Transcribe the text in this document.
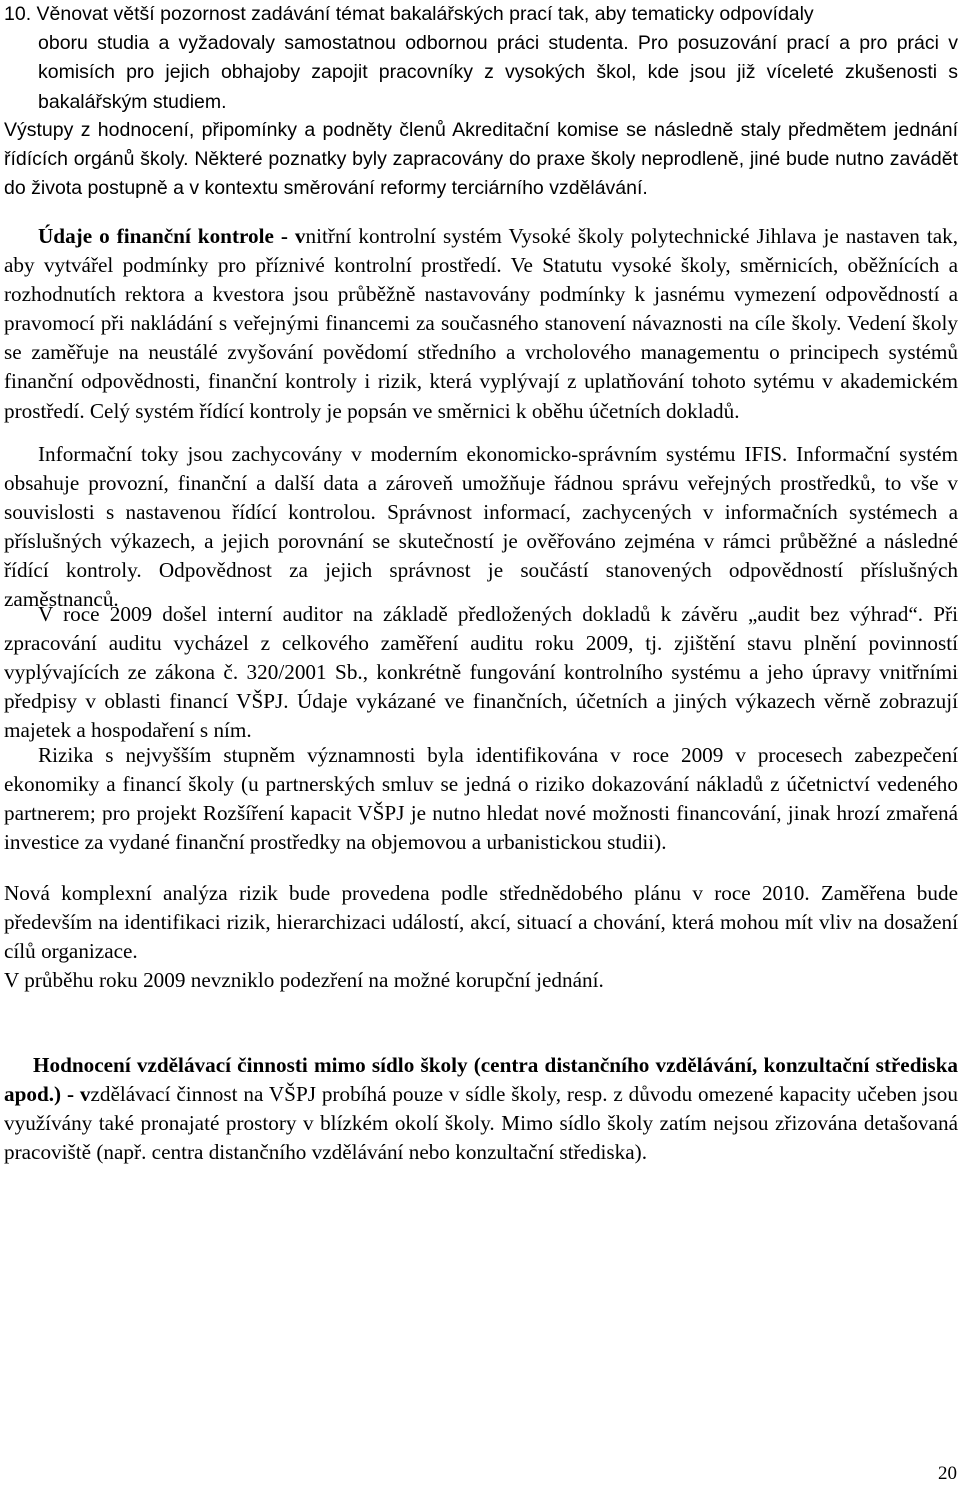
10. Věnovat větší pozornost zadávání témat bakalářských prací tak, aby tematicky odpovídaly
oboru studia a vyžadovaly samostatnou odbornou práci studenta. Pro posuzování prací a pro práci v komisích pro jejich obhajoby zapojit pracovníky z vysokých škol, kde jsou již víceleté zkušenosti s bakalářským studiem.

Výstupy z hodnocení, připomínky a podněty členů Akreditační komise se následně staly předmětem jednání řídících orgánů školy. Některé poznatky byly zapracovány do praxe školy neprodleně, jiné bude nutno zavádět do života postupně a v kontextu směrování reformy terciárního vzdělávání.

Údaje o finanční kontrole - vnitřní kontrolní systém Vysoké školy polytechnické Jihlava je nastaven tak, aby vytvářel podmínky pro příznivé kontrolní prostředí. Ve Statutu vysoké školy, směrnicích, oběžnících a rozhodnutích rektora a kvestora jsou průběžně nastavovány podmínky k jasnému vymezení odpovědností a pravomocí při nakládání s veřejnými financemi za současného stanovení návaznosti na cíle školy. Vedení školy se zaměřuje na neustálé zvyšování povědomí středního a vrcholového managementu o principech systémů finanční odpovědnosti, finanční kontroly i rizik, která vyplývají z uplatňování tohoto sytému v akademickém prostředí. Celý systém řídící kontroly je popsán ve směrnici k oběhu účetních dokladů.

Informační toky jsou zachycovány v moderním ekonomicko-správním systému IFIS. Informační systém obsahuje provozní, finanční a další data a zároveň umožňuje řádnou správu veřejných prostředků, to vše v souvislosti s nastavenou řídící kontrolou. Správnost informací, zachycených v informačních systémech a příslušných výkazech, a jejich porovnání se skutečností je ověřováno zejména v rámci průběžné a následné řídící kontroly. Odpovědnost za jejich správnost je součástí stanovených odpovědností příslušných zaměstnanců.

V roce 2009 došel interní auditor na základě předložených dokladů k závěru „audit bez výhrad“. Při zpracování auditu vycházel z celkového zaměření auditu roku 2009, tj. zjištění stavu plnění povinností vyplývajících ze zákona č. 320/2001 Sb., konkrétně fungování kontrolního systému a jeho úpravy vnitřními předpisy v oblasti financí VŠPJ. Údaje vykázané ve finančních, účetních a jiných výkazech věrně zobrazují majetek a hospodaření s ním.

Rizika s nejvyšším stupněm významnosti byla identifikována v roce 2009 v procesech zabezpečení ekonomiky a financí školy (u partnerských smluv se jedná o riziko dokazování nákladů z účetnictví vedeného partnerem; pro projekt Rozšíření kapacit VŠPJ je nutno hledat nové možnosti financování, jinak hrozí zmařená investice za vydané finanční prostředky na objemovou a urbanistickou studii).

Nová komplexní analýza rizik bude provedena podle střednědobého plánu v roce 2010. Zaměřena bude především na identifikaci rizik, hierarchizaci událostí, akcí, situací a chování, která mohou mít vliv na dosažení cílů organizace.

V průběhu roku 2009 nevzniklo podezření na možné korupční jednání.

Hodnocení vzdělávací činnosti mimo sídlo školy (centra distančního vzdělávání, konzultační střediska apod.) - vzdělávací činnost na VŠPJ probíhá pouze v sídle školy, resp. z důvodu omezené kapacity učeben jsou využívány také pronajaté prostory v blízkém okolí školy. Mimo sídlo školy zatím nejsou zřizována detašovaná pracoviště (např. centra distančního vzdělávání nebo konzultační střediska).

20
